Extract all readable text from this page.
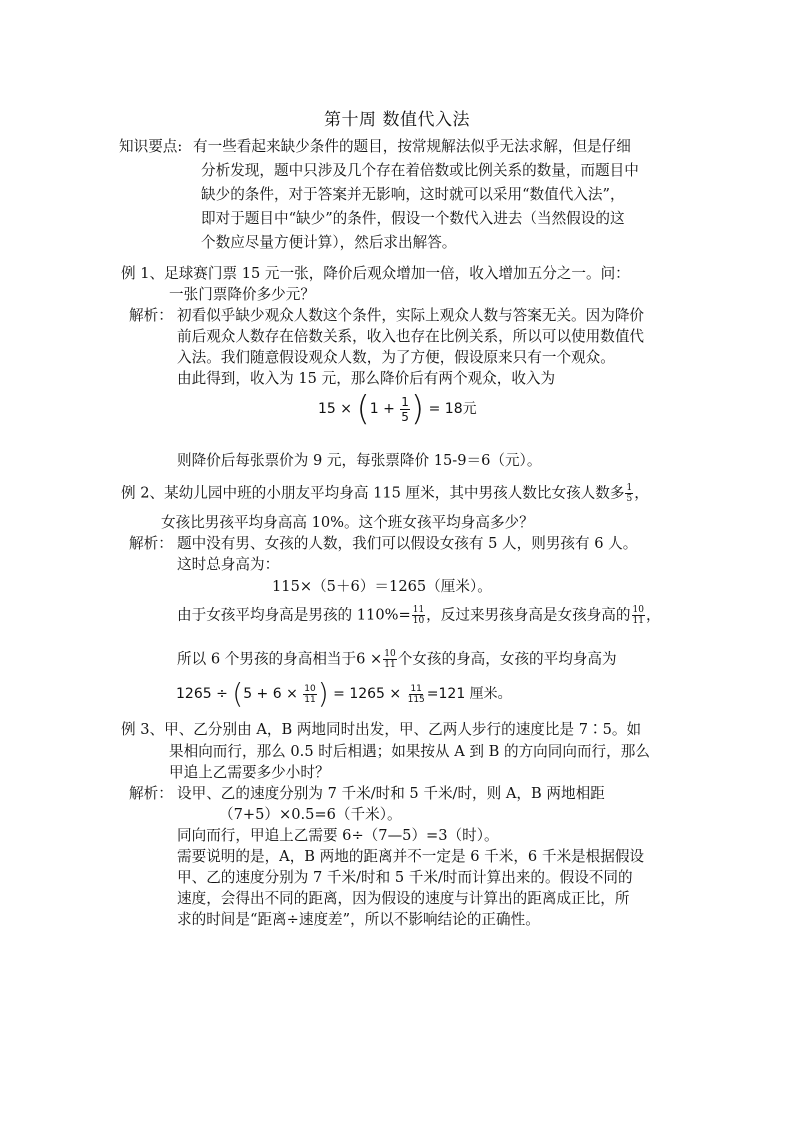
第十周 数值代入法
知识要点: 有一些看起来缺少条件的题目，按常规解法似乎无法求解，但是仔细
分析发现，题中只涉及几个存在着倍数或比例关系的数量，而题目中
缺少的条件，对于答案并无影响，这时就可以采用“数值代入法”，
即对于题目中“缺少”的条件，假设一个数代入进去（当然假设的这
个数应尽量方便计算），然后求出解答。
例 1、足球赛门票 15 元一张，降价后观众增加一倍，收入增加五分之一。问：
一张门票降价多少元？
解析： 初看似乎缺少观众人数这个条件，实际上观众人数与答案无关。因为降价
前后观众人数存在倍数关系，收入也存在比例关系，所以可以使用数值代
入法。我们随意假设观众人数，为了方便，假设原来只有一个观众。
由此得到，收入为 15 元，那么降价后有两个观众，收入为
$15 \times (1 + \frac{1}{5}$ ) = 18元
则降价后每张票价为 9 元，每张票降价 15-9＝6（元）。
例 2、某幼儿园中班的小朋友平均身高 115 厘米，其中男孩人数比女孩人数多 $\frac{1}{5}$ ，
女孩比男孩平均身高高 10%。这个班女孩平均身高多少？
解析： 题中没有男、女孩的人数，我们可以假设女孩有 5 人，则男孩有 6 人。
这时总身高为：
115×（5＋6）＝1265（厘米）。
由于女孩平均身高是男孩的 $110\%= \frac{11}{10}$ ，反过来男孩身高是女孩身高的 $\frac{10}{11}$ ，
所以 6 个男孩的身高相当于$6 \times \frac{10}{11}$ 个女孩的身高，女孩的平均身高为
$1265 \div (5 + 6 \times \frac{10}{11}$ ) = $1265 \times \frac{11}{115} =121$ 厘米。
例 3、甲、乙分别由 A，B 两地同时出发，甲、乙两人步行的速度比是 7∶5。如
果相向而行，那么 0.5 时后相遇；如果按从 A 到 B 的方向同向而行，那么
甲追上乙需要多少小时？
解析： 设甲、乙的速度分别为 7 千米/时和 5 千米/时，则 A，B 两地相距
（7+5）×0.5=6（千米）。
同向而行，甲追上乙需要 6÷（7—5）=3（时）。
需要说明的是，A，B 两地的距离并不一定是 6 千米，6 千米是根据假设
甲、乙的速度分别为 7 千米/时和 5 千米/时而计算出来的。假设不同的
速度，会得出不同的距离，因为假设的速度与计算出的距离成正比，所
求的时间是“距离÷速度差”，所以不影响结论的正确性。
